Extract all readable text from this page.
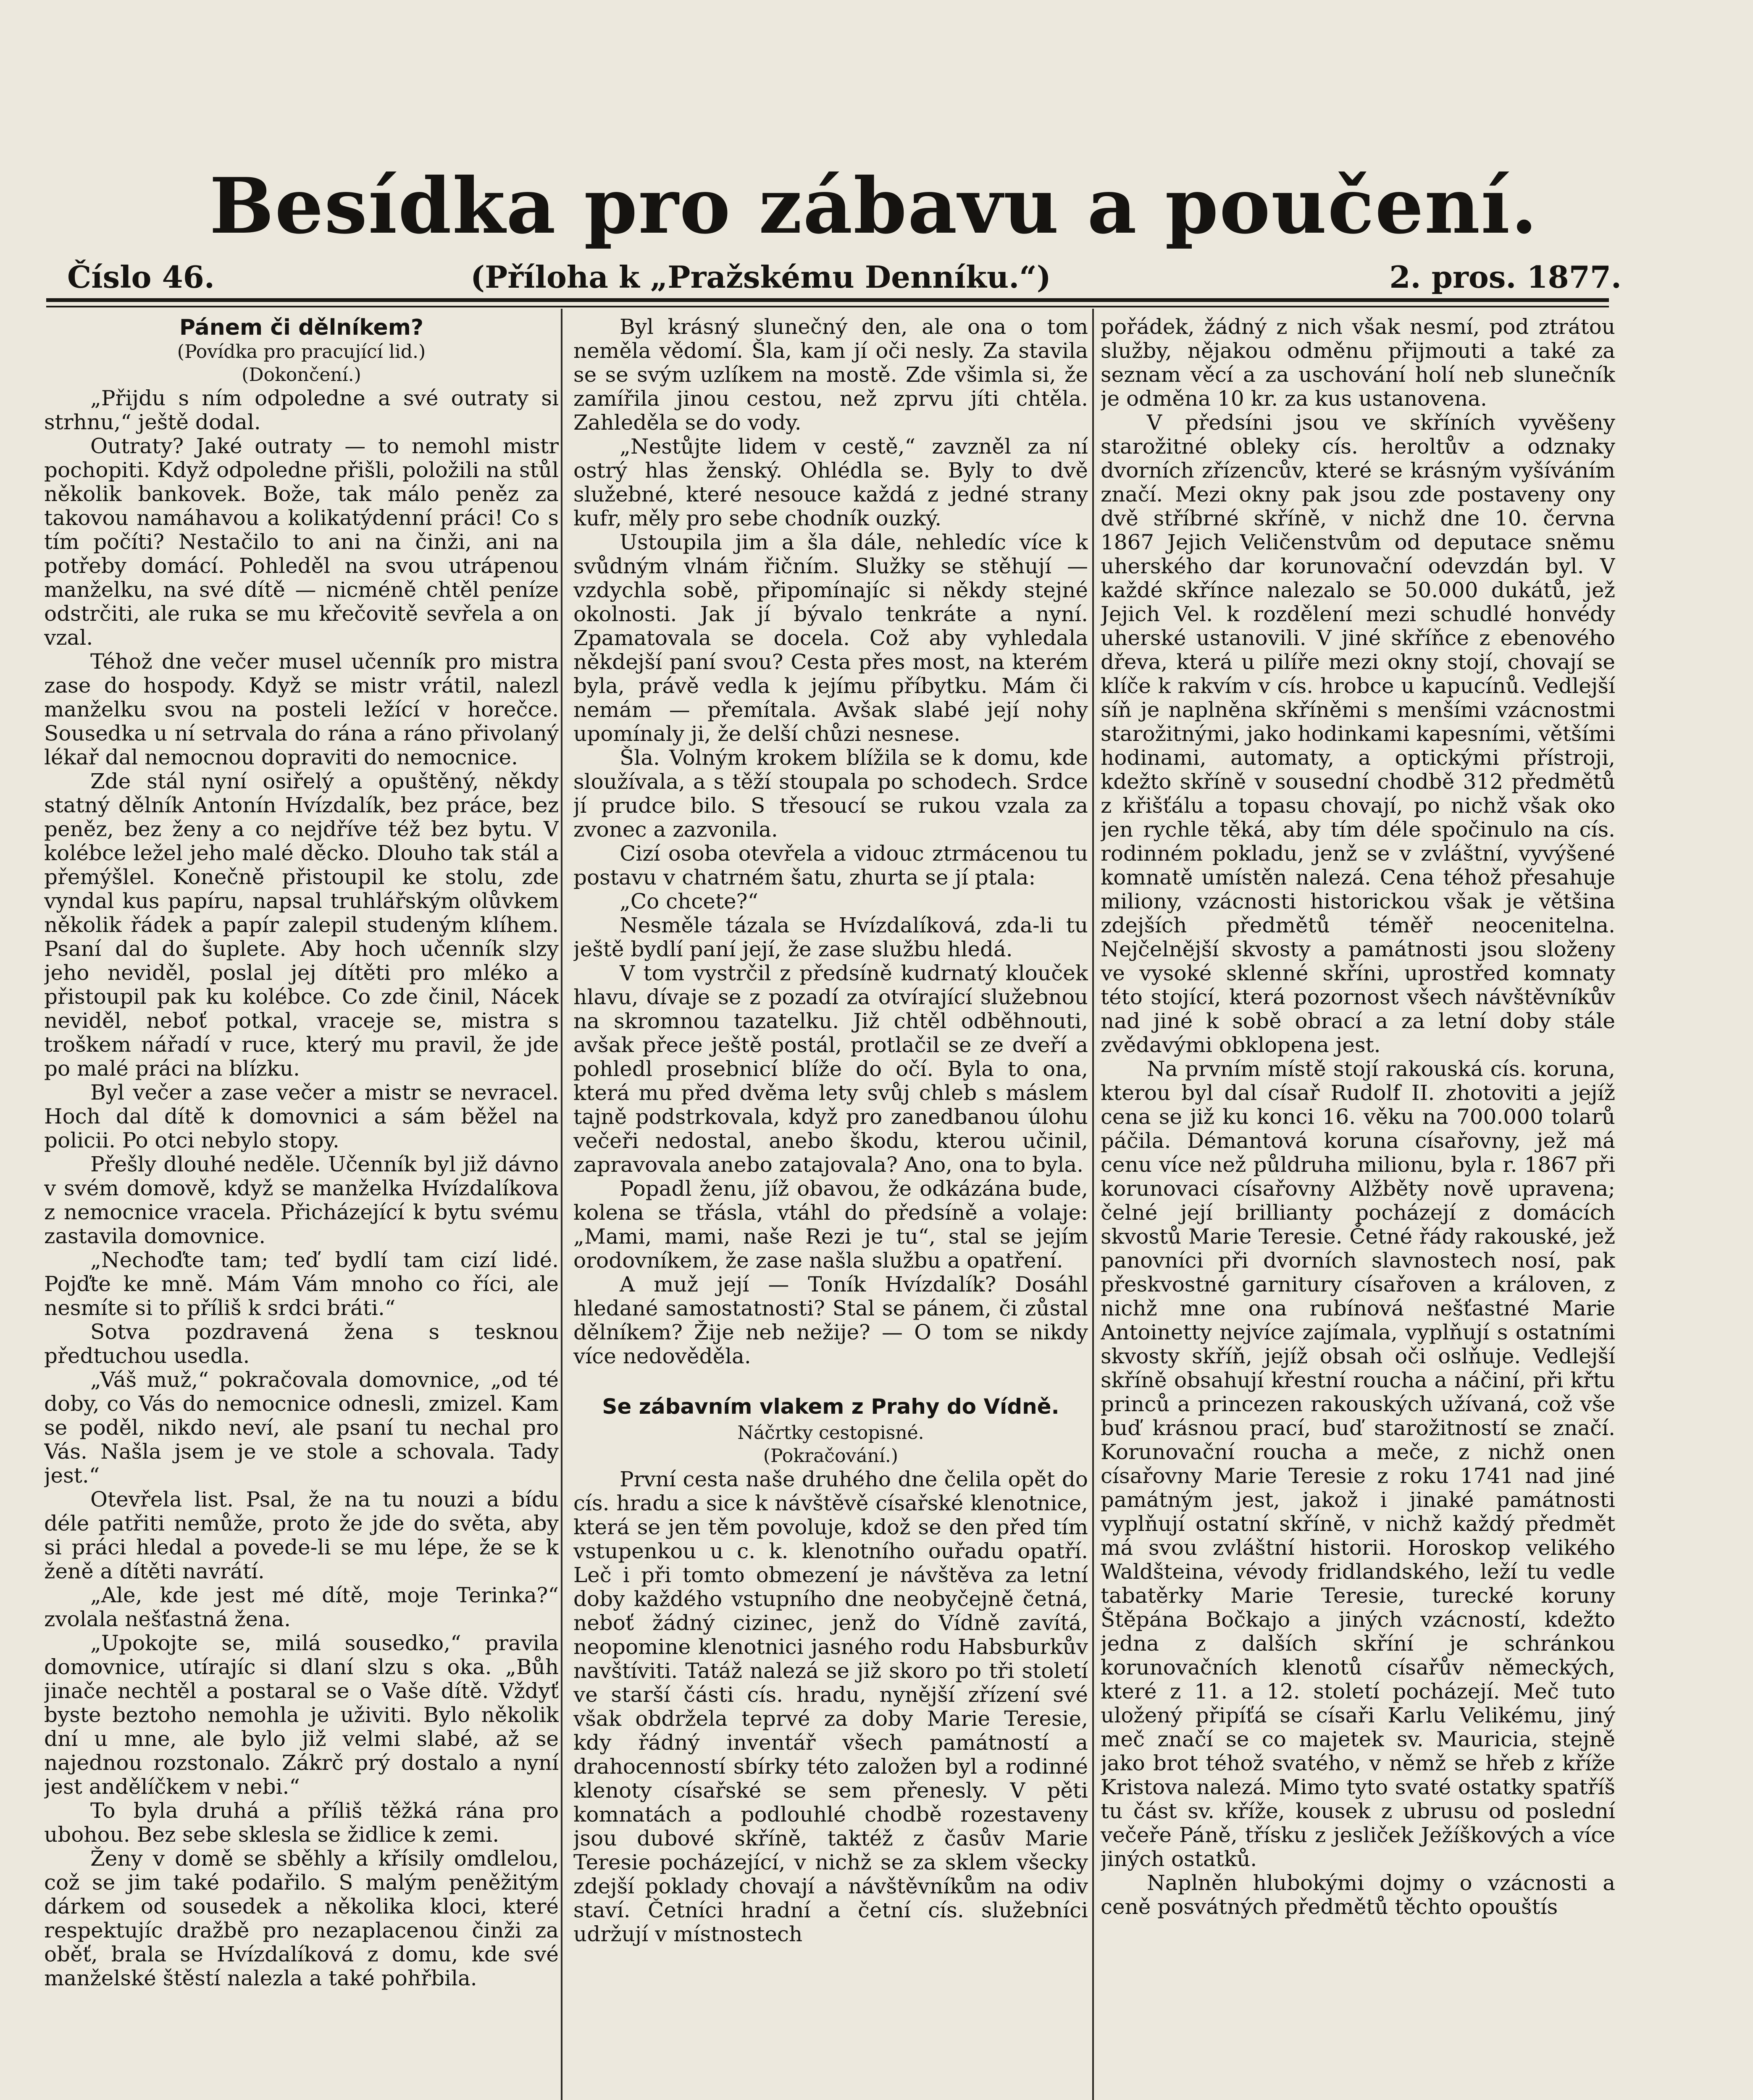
Besídka pro zábavu a poučení.
Číslo 46.	(Příloha k „Pražskému Denníku.“)	2. pros. 1877.
Pánem či dělníkem?
(Povídka pro pracující lid.)
(Dokončení.)

„Přijdu s ním odpoledne a své outraty si strhnu,“ ještě dodal.

Outraty? Jaké outraty — to nemohl mistr pochopiti. Když odpoledne přišli, položili na stůl několik bankovek. Bože, tak málo peněz za takovou namáhavou a kolikatýdenní práci! Co s tím počíti? Nestačilo to ani na činži, ani na potřeby domácí. Pohleděl na svou utrápenou manželku, na své dítě — nicméně chtěl peníze odstrčiti, ale ruka se mu křečovitě sevřela a on vzal.

Téhož dne večer musel učenník pro mistra zase do hospody. Když se mistr vrátil, nalezl manželku svou na posteli ležící v horečce. Sousedka u ní setrvala do rána a ráno přivolaný lékař dal nemocnou dopraviti do nemocnice.

Zde stál nyní osiřelý a opuštěný, někdy statný dělník Antonín Hvízdalík, bez práce, bez peněz, bez ženy a co nejdříve též bez bytu. V kolébce ležel jeho malé děcko. Dlouho tak stál a přemýšlel. Konečně přistoupil ke stolu, zde vyndal kus papíru, napsal truhlářským olůvkem několik řádek a papír zalepil studeným klíhem. Psaní dal do šuplete. Aby hoch učenník slzy jeho neviděl, poslal jej dítěti pro mléko a přistoupil pak ku kolébce. Co zde činil, Nácek neviděl, neboť potkal, vraceje se, mistra s troškem nářadí v ruce, který mu pravil, že jde po malé práci na blízku.

Byl večer a zase večer a mistr se nevracel. Hoch dal dítě k domovnici a sám běžel na policii. Po otci nebylo stopy.

Přešly dlouhé neděle. Učenník byl již dávno v svém domově, když se manželka Hvízdalíkova z nemocnice vracela. Přicházející k bytu svému zastavila domovnice.

„Nechoďte tam; teď bydlí tam cizí lidé. Pojďte ke mně. Mám Vám mnoho co říci, ale nesmíte si to příliš k srdci bráti.“

Sotva pozdravená žena s tesknou předtuchou usedla.

„Váš muž,“ pokračovala domovnice, „od té doby, co Vás do nemocnice odnesli, zmizel. Kam se poděl, nikdo neví, ale psaní tu nechal pro Vás. Našla jsem je ve stole a schovala. Tady jest.“

Otevřela list. Psal, že na tu nouzi a bídu déle patřiti nemůže, proto že jde do světa, aby si práci hledal a povede-li se mu lépe, že se k ženě a dítěti navrátí.

„Ale, kde jest mé dítě, moje Terinka?“ zvolala nešťastná žena.

„Upokojte se, milá sousedko,“ pravila domovnice, utírajíc si dlaní slzu s oka. „Bůh jinače nechtěl a postaral se o Vaše dítě. Vždyť byste beztoho nemohla je uživiti. Bylo několik dní u mne, ale bylo již velmi slabé, až se najednou rozstonalo. Zákrč prý dostalo a nyní jest andělíčkem v nebi.“

To byla druhá a příliš těžká rána pro ubohou. Bez sebe sklesla se židlice k zemi.

Ženy v domě se sběhly a křísily omdlelou, což se jim také podařilo. S malým peněžitým dárkem od sousedek a několika kloci, které respektujíc dražbě pro nezaplacenou činži za oběť, brala se Hvízdalíková z domu, kde své manželské štěstí nalezla a také pohřbila.

Byl krásný slunečný den, ale ona o tom neměla vědomí. Šla, kam jí oči nesly. Za stavila se se svým uzlíkem na mostě. Zde všimla si, že zamířila jinou cestou, než zprvu jíti chtěla. Zahleděla se do vody.

„Nestůjte lidem v cestě,“ zavzněl za ní ostrý hlas ženský. Ohlédla se. Byly to dvě služebné, které nesouce každá z jedné strany kufr, měly pro sebe chodník ouzký.

Ustoupila jim a šla dále, nehledíc více k svůdným vlnám řičním. Služky se stěhují — vzdychla sobě, připomínajíc si někdy stejné okolnosti. Jak jí bývalo tenkráte a nyní. Zpamatovala se docela. Což aby vyhledala někdejší paní svou? Cesta přes most, na kterém byla, právě vedla k jejímu příbytku. Mám či nemám — přemítala. Avšak slabé její nohy upomínaly ji, že delší chůzi nesnese.

Šla. Volným krokem blížila se k domu, kde sloužívala, a s těží stoupala po schodech. Srdce jí prudce bilo. S třesoucí se rukou vzala za zvonec a zazvonila.

Cizí osoba otevřela a vidouc ztrmácenou tu postavu v chatrném šatu, zhurta se jí ptala:

„Co chcete?“

Nesměle tázala se Hvízdalíková, zda-li tu ještě bydlí paní její, že zase službu hledá.

V tom vystrčil z předsíně kudrnatý klouček hlavu, dívaje se z pozadí za otvírající služebnou na skromnou tazatelku. Již chtěl odběhnouti, avšak přece ještě postál, protlačil se ze dveří a pohledl prosebnicí blíže do očí. Byla to ona, která mu před dvěma lety svůj chleb s máslem tajně podstrkovala, když pro zanedbanou úlohu večeři nedostal, anebo škodu, kterou učinil, zapravovala anebo zatajovala? Ano, ona to byla.

Popadl ženu, jíž obavou, že odkázána bude, kolena se třásla, vtáhl do předsíně a volaje: „Mami, mami, naše Rezi je tu“, stal se jejím orodovníkem, že zase našla službu a opatření.

A muž její — Toník Hvízdalík? Dosáhl hledané samostatnosti? Stal se pánem, či zůstal dělníkem? Žije neb nežije? — O tom se nikdy více nedověděla.

Se zábavním vlakem z Prahy do Vídně.
Náčrtky cestopisné.
(Pokračování.)

První cesta naše druhého dne čelila opět do cís. hradu a sice k návštěvě císařské klenotnice, která se jen těm povoluje, kdož se den před tím vstupenkou u c. k. klenotního ouřadu opatří. Leč i při tomto obmezení je návštěva za letní doby každého vstupního dne neobyčejně četná, neboť žádný cizinec, jenž do Vídně zavítá, neopomine klenotnici jasného rodu Habsburkův navštíviti. Tatáž nalezá se již skoro po tři století ve starší části cís. hradu, nynější zřízení své však obdržela teprvé za doby Marie Teresie, kdy řádný inventář všech památností a drahocenností sbírky této založen byl a rodinné klenoty císařské se sem přenesly. V pěti komnatách a podlouhlé chodbě rozestaveny jsou dubové skříně, taktéž z časův Marie Teresie pocházející, v nichž se za sklem všecky zdejší poklady chovají a návštěvníkům na odiv staví. Četníci hradní a četní cís. služebníci udržují v místnostech

pořádek, žádný z nich však nesmí, pod ztrátou služby, nějakou odměnu přijmouti a také za seznam věcí a za uschování holí neb slunečník je odměna 10 kr. za kus ustanovena.

V předsíni jsou ve skříních vyvěšeny starožitné obleky cís. heroltův a odznaky dvorních zřízencův, které se krásným vyšíváním značí. Mezi okny pak jsou zde postaveny ony dvě stříbrné skříně, v nichž dne 10. června 1867 Jejich Veličenstvům od deputace sněmu uherského dar korunovační odevzdán byl. V každé skřínce nalezalo se 50.000 dukátů, jež Jejich Vel. k rozdělení mezi schudlé honvédy uherské ustanovili. V jiné skříňce z ebenového dřeva, která u pilíře mezi okny stojí, chovají se klíče k rakvím v cís. hrobce u kapucínů. Vedlejší síň je naplněna skříněmi s menšími vzácnostmi starožitnými, jako hodinkami kapesními, většími hodinami, automaty, a optickými přístroji, kdežto skříně v sousední chodbě 312 předmětů z křišťálu a topasu chovají, po nichž však oko jen rychle těká, aby tím déle spočinulo na cís. rodinném pokladu, jenž se v zvláštní, vyvýšené komnatě umístěn nalezá. Cena téhož přesahuje miliony, vzácnosti historickou však je většina zdejších předmětů téměř neocenitelna. Nejčelnější skvosty a památnosti jsou složeny ve vysoké sklenné skříni, uprostřed komnaty této stojící, která pozornost všech návštěvníkův nad jiné k sobě obrací a za letní doby stále zvědavými obklopena jest.

Na prvním místě stojí rakouská cís. koruna, kterou byl dal císař Rudolf II. zhotoviti a jejíž cena se již ku konci 16. věku na 700.000 tolarů páčila. Démantová koruna císařovny, jež má cenu více než půldruha milionu, byla r. 1867 při korunovaci císařovny Alžběty nově upravena; čelné její brillianty pocházejí z domácích skvostů Marie Teresie. Četné řády rakouské, jež panovníci při dvorních slavnostech nosí, pak přeskvostné garnitury císařoven a královen, z nichž mne ona rubínová nešťastné Marie Antoinetty nejvíce zajímala, vyplňují s ostatními skvosty skříň, jejíž obsah oči oslňuje. Vedlejší skříně obsahují křestní roucha a náčiní, při křtu princů a princezen rakouských užívaná, což vše buď krásnou prací, buď starožitností se značí. Korunovační roucha a meče, z nichž onen císařovny Marie Teresie z roku 1741 nad jiné památným jest, jakož i jinaké památnosti vyplňují ostatní skříně, v nichž každý předmět má svou zvláštní historii. Horoskop velikého Waldšteina, vévody fridlandského, leží tu vedle tabatěrky Marie Teresie, turecké koruny Štěpána Bočkajo a jiných vzácností, kdežto jedna z dalších skříní je schránkou korunovačních klenotů císařův německých, které z 11. a 12. století pocházejí. Meč tuto uložený připíťá se císaři Karlu Velikému, jiný meč značí se co majetek sv. Mauricia, stejně jako brot téhož svatého, v němž se hřeb z kříže Kristova nalezá. Mimo tyto svaté ostatky spatříš tu část sv. kříže, kousek z ubrusu od poslední večeře Páně, třísku z jesliček Ježíškových a více jiných ostatků.

Naplněn hlubokými dojmy o vzácnosti a ceně posvátných předmětů těchto opouštís
